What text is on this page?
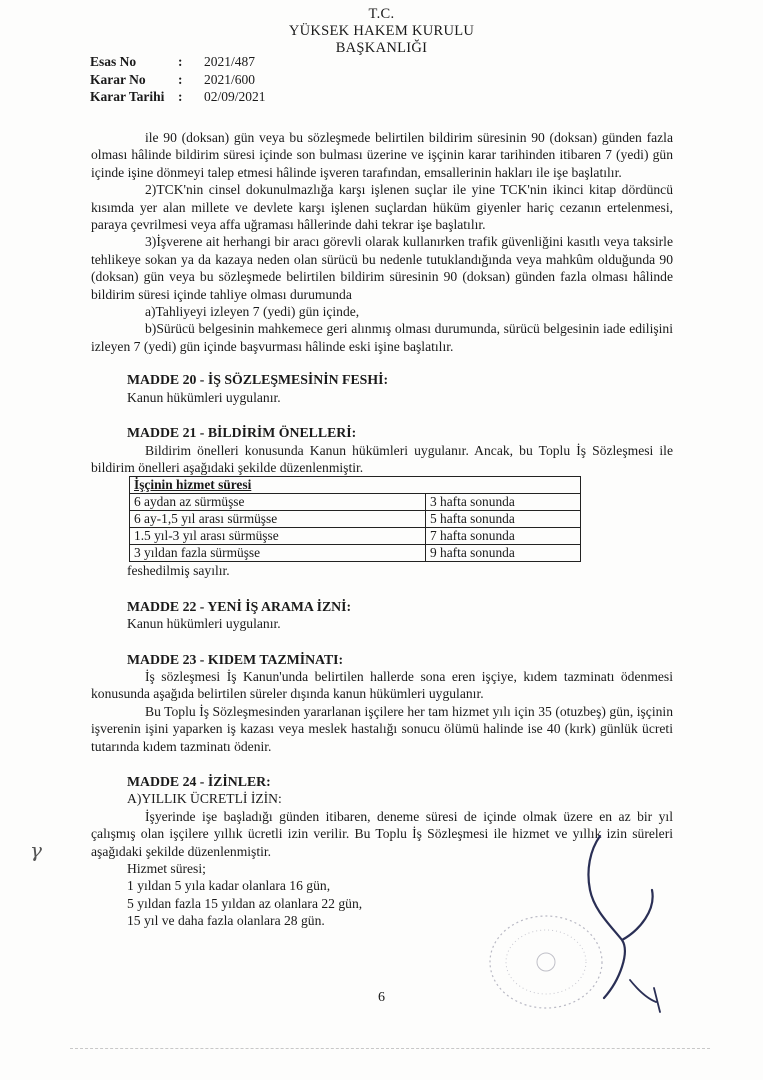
T.C.
YÜKSEK HAKEM KURULU
BAŞKANLIĞI
Esas No	:	2021/487
Karar No	:	2021/600
Karar Tarihi	:	02/09/2021

ile 90 (doksan) gün veya bu sözleşmede belirtilen bildirim süresinin 90 (doksan) günden fazla olması hâlinde bildirim süresi içinde son bulması üzerine ve işçinin karar tarihinden itibaren 7 (yedi) gün içinde işine dönmeyi talep etmesi hâlinde işveren tarafından, emsallerinin hakları ile işe başlatılır.

2)TCK'nin cinsel dokunulmazlığa karşı işlenen suçlar ile yine TCK'nin ikinci kitap dördüncü kısımda yer alan millete ve devlete karşı işlenen suçlardan hüküm giyenler hariç cezanın ertelenmesi, paraya çevrilmesi veya affa uğraması hâllerinde dahi tekrar işe başlatılır.

3)İşverene ait herhangi bir aracı görevli olarak kullanırken trafik güvenliğini kasıtlı veya taksirle tehlikeye sokan ya da kazaya neden olan sürücü bu nedenle tutuklandığında veya mahkûm olduğunda 90 (doksan) gün veya bu sözleşmede belirtilen bildirim süresinin 90 (doksan) günden fazla olması hâlinde bildirim süresi içinde tahliye olması durumunda

a)Tahliyeyi izleyen 7 (yedi) gün içinde,

b)Sürücü belgesinin mahkemece geri alınmış olması durumunda, sürücü belgesinin iade edilişini izleyen 7 (yedi) gün içinde başvurması hâlinde eski işine başlatılır.

MADDE 20 - İŞ SÖZLEŞMESİNİN FESHİ:
Kanun hükümleri uygulanır.
MADDE 21 - BİLDİRİM ÖNELLERİ:

Bildirim önelleri konusunda Kanun hükümleri uygulanır. Ancak, bu Toplu İş Sözleşmesi ile bildirim önelleri aşağıdaki şekilde düzenlenmiştir.

İşçinin hizmet süresi	
6 aydan az sürmüşse	3 hafta sonunda
6 ay-1,5 yıl arası sürmüşse	5 hafta sonunda
1.5 yıl-3 yıl arası sürmüşse	7 hafta sonunda
3 yıldan fazla sürmüşse	9 hafta sonunda
feshedilmiş sayılır.
MADDE 22 - YENİ İŞ ARAMA İZNİ:
Kanun hükümleri uygulanır.
MADDE 23 - KIDEM TAZMİNATI:

İş sözleşmesi İş Kanun'unda belirtilen hallerde sona eren işçiye, kıdem tazminatı ödenmesi konusunda aşağıda belirtilen süreler dışında kanun hükümleri uygulanır.

Bu Toplu İş Sözleşmesinden yararlanan işçilere her tam hizmet yılı için 35 (otuzbeş) gün, işçinin işverenin işini yaparken iş kazası veya meslek hastalığı sonucu ölümü halinde ise 40 (kırk) günlük ücreti tutarında kıdem tazminatı ödenir.

MADDE 24 - İZİNLER:
A)YILLIK ÜCRETLİ İZİN:

İşyerinde işe başladığı günden itibaren, deneme süresi de içinde olmak üzere en az bir yıl çalışmış olan işçilere yıllık ücretli izin verilir. Bu Toplu İş Sözleşmesi ile hizmet ve yıllık izin süreleri aşağıdaki şekilde düzenlenmiştir.

Hizmet süresi;
1 yıldan 5 yıla kadar olanlara 16 gün,
5 yıldan fazla 15 yıldan az olanlara 22 gün,
15 yıl ve daha fazla olanlara 28 gün.
𝛾
6
